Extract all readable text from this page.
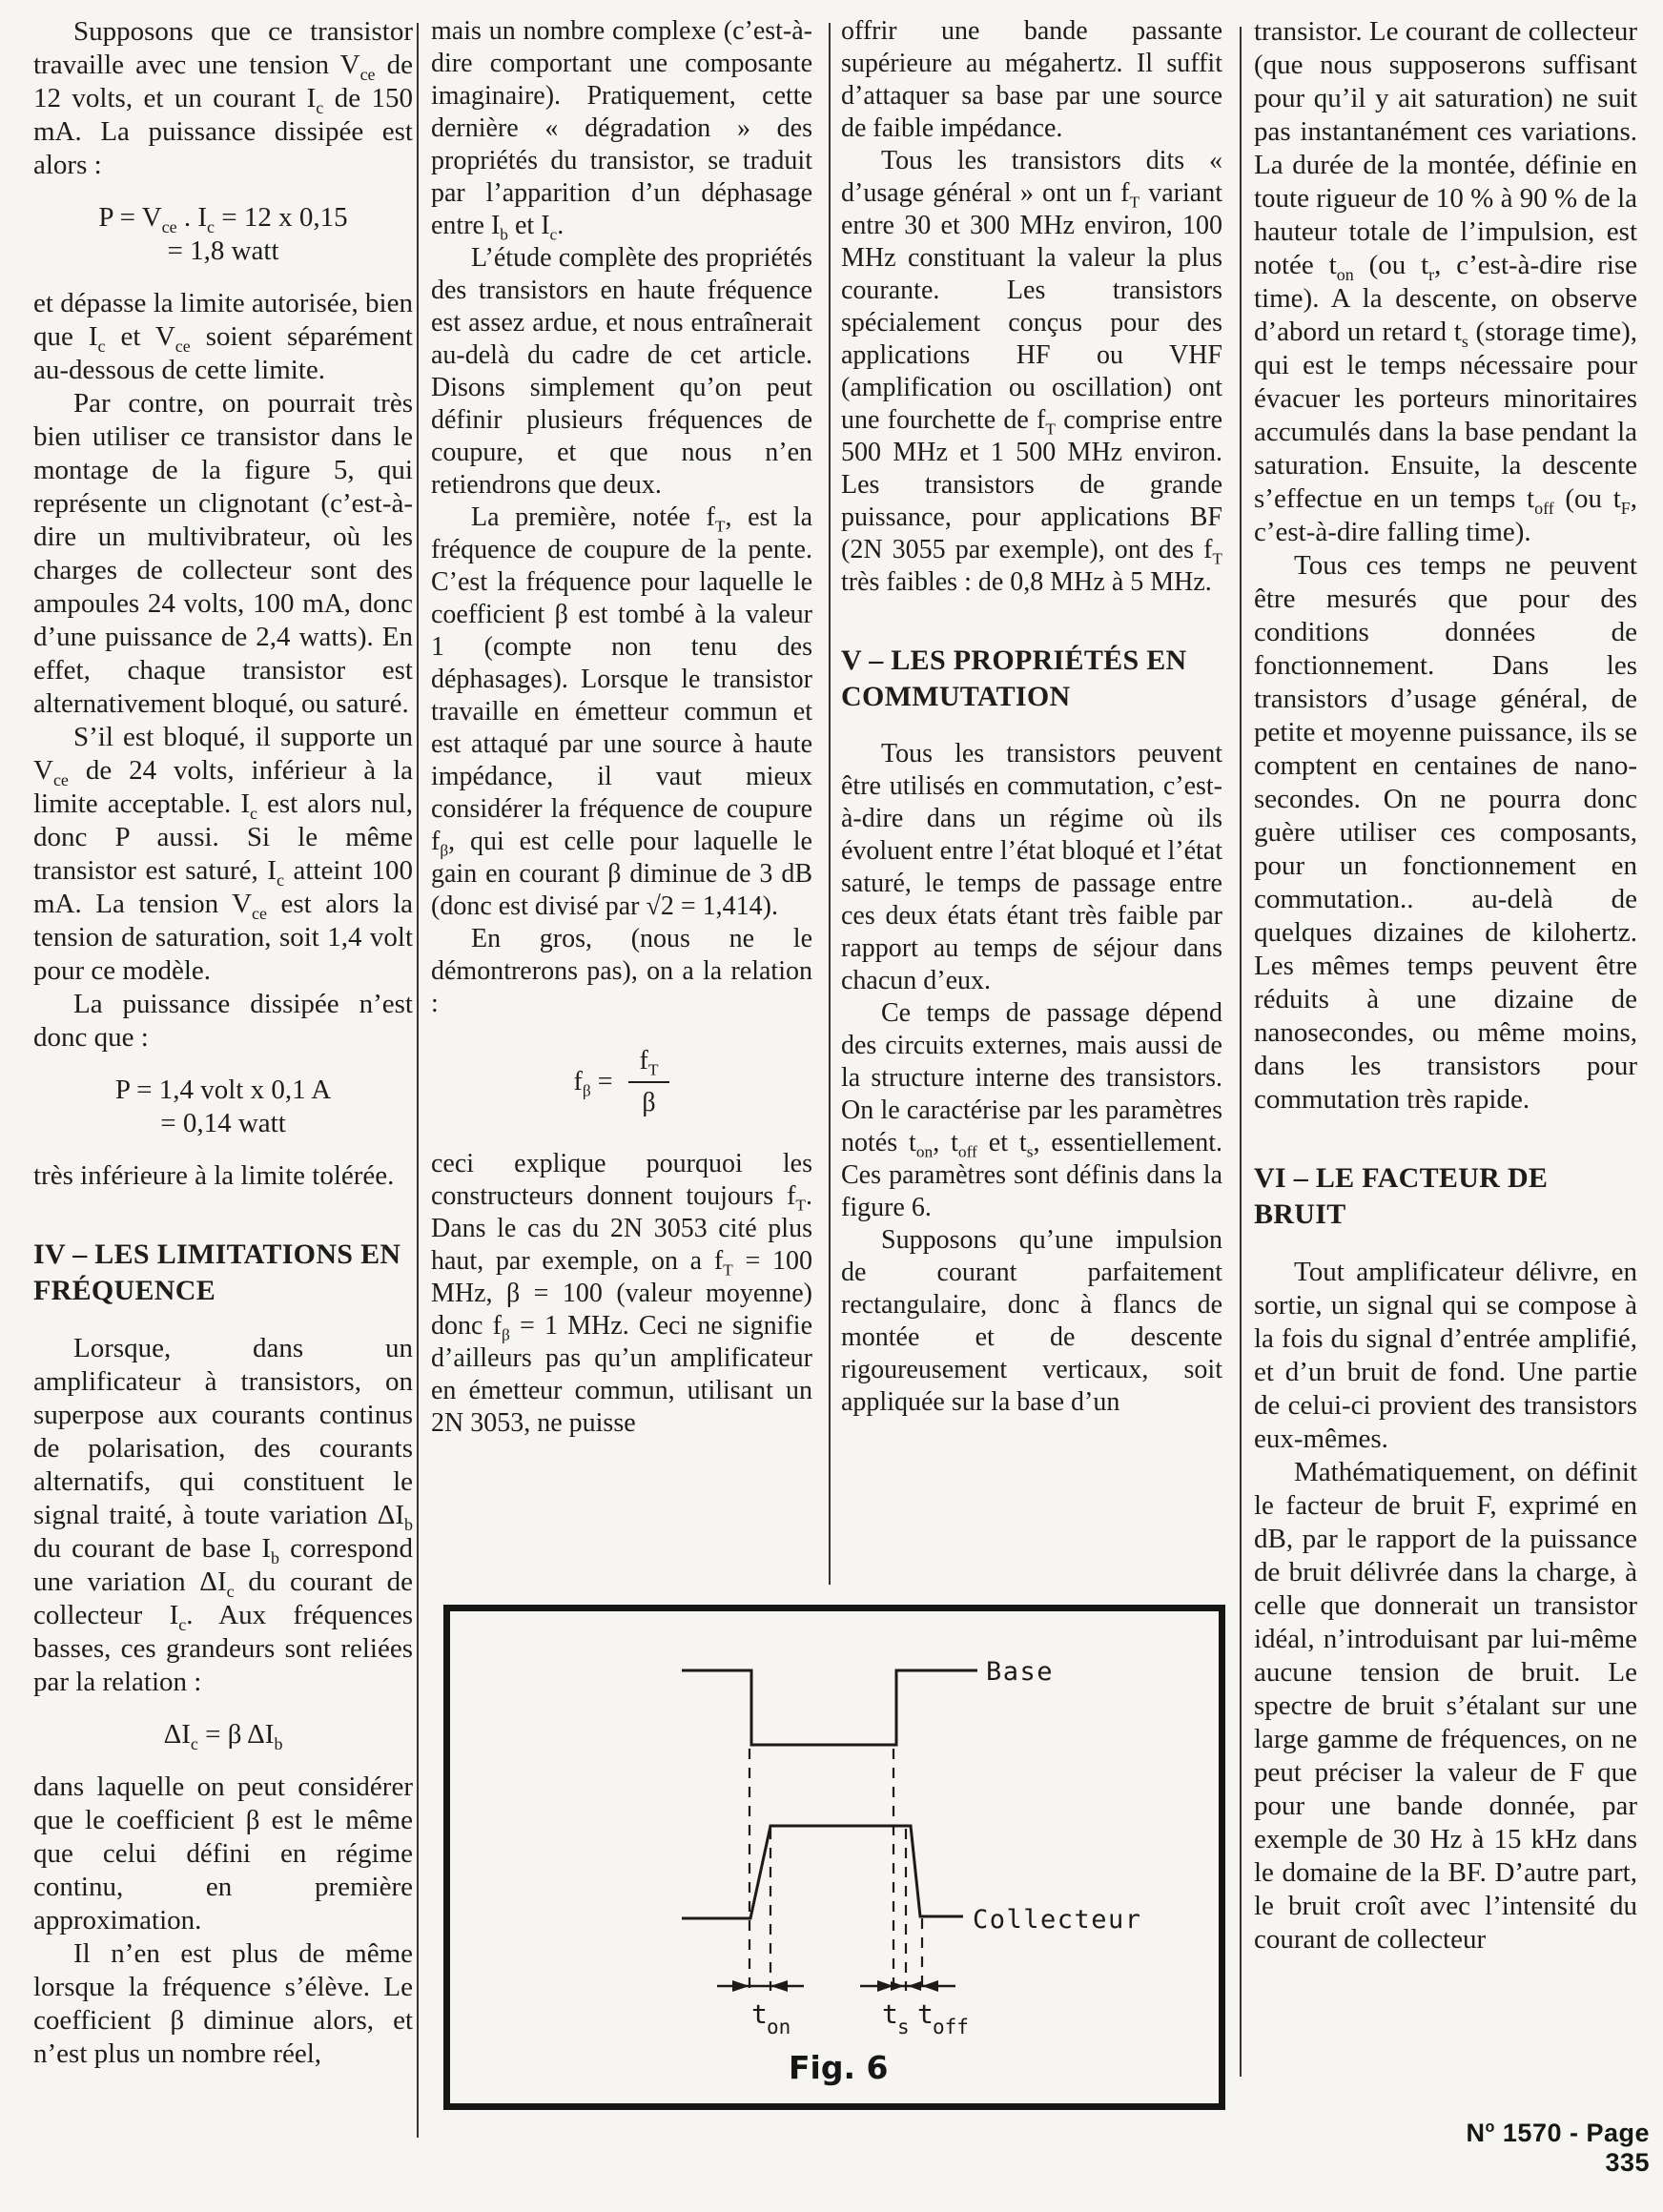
Supposons que ce transistor travaille avec une tension $V_{ce}$ de 12 volts, et un courant $I_c$ de 150 mA. La puissance dissipée est alors :

$P = V_{ce}$ . $I_c = 12$ x 0,15
= 1,8 watt

et dépasse la limite autorisée, bien que $I_c$ et $V_{ce}$ soient séparément au-dessous de cette limite.

Par contre, on pourrait très bien utiliser ce transistor dans le montage de la figure 5, qui représente un clignotant (c’est-à-dire un multivibrateur, où les charges de collecteur sont des ampoules 24 volts, 100 mA, donc d’une puissance de 2,4 watts). En effet, chaque transistor est alternativement bloqué, ou saturé.

S’il est bloqué, il supporte un $V_{ce}$ de 24 volts, inférieur à la limite acceptable. $I_c$ est alors nul, donc P aussi. Si le même transistor est saturé, $I_c$ atteint 100 mA. La tension $V_{ce}$ est alors la tension de saturation, soit 1,4 volt pour ce modèle.

La puissance dissipée n’est donc que :

P = 1,4 volt x 0,1 A
= 0,14 watt

très inférieure à la limite tolérée.

IV – LES LIMITATIONS EN FRÉQUENCE

Lorsque, dans un amplificateur à transistors, on superpose aux courants continus de polarisation, des courants alternatifs, qui constituent le signal traité, à toute variation $\Delta I_b$ du courant de base $I_b$ correspond une variation $\Delta I_c$ du courant de collecteur $I_c$. Aux fréquences basses, ces grandeurs sont reliées par la relation :

$\Delta I_c = \beta$ $\Delta I_b$

dans laquelle on peut considérer que le coefficient β est le même que celui défini en régime continu, en première approximation.

Il n’en est plus de même lorsque la fréquence s’élève. Le coefficient β diminue alors, et n’est plus un nombre réel,

mais un nombre complexe (c’est-à-dire comportant une composante imaginaire). Pratiquement, cette dernière « dégradation » des propriétés du transistor, se traduit par l’apparition d’un déphasage entre $I_b$ et $I_c$.

L’étude complète des propriétés des transistors en haute fréquence est assez ardue, et nous entraînerait au-delà du cadre de cet article. Disons simplement qu’on peut définir plusieurs fréquences de coupure, et que nous n’en retiendrons que deux.

La première, notée $f_T$, est la fréquence de coupure de la pente. C’est la fréquence pour laquelle le coefficient β est tombé à la valeur 1 (compte non tenu des déphasages). Lorsque le transistor travaille en émetteur commun et est attaqué par une source à haute impédance, il vaut mieux considérer la fréquence de coupure $f_\beta$, qui est celle pour laquelle le gain en courant β diminue de 3 dB (donc est divisé par √2 = 1,414).

En gros, (nous ne le démontrerons pas), on a la relation :

$f_\beta = \frac{f_T}{\beta}$

ceci explique pourquoi les constructeurs donnent toujours $f_T$. Dans le cas du 2N 3053 cité plus haut, par exemple, on a $f_T = 100$ MHz, β = 100 (valeur moyenne) donc $f_\beta = 1$ MHz. Ceci ne signifie d’ailleurs pas qu’un amplificateur en émetteur commun, utilisant un 2N 3053, ne puisse

offrir une bande passante supérieure au mégahertz. Il suffit d’attaquer sa base par une source de faible impédance.

Tous les transistors dits « d’usage général » ont un $f_T$ variant entre 30 et 300 MHz environ, 100 MHz constituant la valeur la plus courante. Les transistors spécialement conçus pour des applications HF ou VHF (amplification ou oscillation) ont une fourchette de $f_T$ comprise entre 500 MHz et 1 500 MHz environ. Les transistors de grande puissance, pour applications BF (2N 3055 par exemple), ont des $f_T$ très faibles : de 0,8 MHz à 5 MHz.

V – LES PROPRIÉTÉS EN COMMUTATION

Tous les transistors peuvent être utilisés en commutation, c’est-à-dire dans un régime où ils évoluent entre l’état bloqué et l’état saturé, le temps de passage entre ces deux états étant très faible par rapport au temps de séjour dans chacun d’eux.

Ce temps de passage dépend des circuits externes, mais aussi de la structure interne des transistors. On le caractérise par les paramètres notés $t_{on}$, $t_{off}$ et $t_s$, essentiellement. Ces paramètres sont définis dans la figure 6.

Supposons qu’une impulsion de courant parfaitement rectangulaire, donc à flancs de montée et de descente rigoureusement verticaux, soit appliquée sur la base d’un

transistor. Le courant de collecteur (que nous supposerons suffisant pour qu’il y ait saturation) ne suit pas instantanément ces variations. La durée de la montée, définie en toute rigueur de 10 % à 90 % de la hauteur totale de l’impulsion, est notée $t_{on}$ (ou $t_r$, c’est-à-dire rise time). A la descente, on observe d’abord un retard $t_s$ (storage time), qui est le temps nécessaire pour évacuer les porteurs minoritaires accumulés dans la base pendant la saturation. Ensuite, la descente s’effectue en un temps $t_{off}$ (ou $t_F$, c’est-à-dire falling time).

Tous ces temps ne peuvent être mesurés que pour des conditions données de fonctionnement. Dans les transistors d’usage général, de petite et moyenne puissance, ils se comptent en centaines de nano-secondes. On ne pourra donc guère utiliser ces composants, pour un fonctionnement en commutation.. au-delà de quelques dizaines de kilohertz. Les mêmes temps peuvent être réduits à une dizaine de nanosecondes, ou même moins, dans les transistors pour commutation très rapide.

VI – LE FACTEUR DE BRUIT

Tout amplificateur délivre, en sortie, un signal qui se compose à la fois du signal d’entrée amplifié, et d’un bruit de fond. Une partie de celui-ci provient des transistors eux-mêmes.

Mathématiquement, on définit le facteur de bruit F, exprimé en dB, par le rapport de la puissance de bruit délivrée dans la charge, à celle que donnerait un transistor idéal, n’introduisant par lui-même aucune tension de bruit. Le spectre de bruit s’étalant sur une large gamme de fréquences, on ne peut préciser la valeur de F que pour une bande donnée, par exemple de 30 Hz à 15 kHz dans le domaine de la BF. D’autre part, le bruit croît avec l’intensité du courant de collecteur

Base
Collecteur
t on	t s t off
Fig. 6
$N^o$ 1570 - Page 335
